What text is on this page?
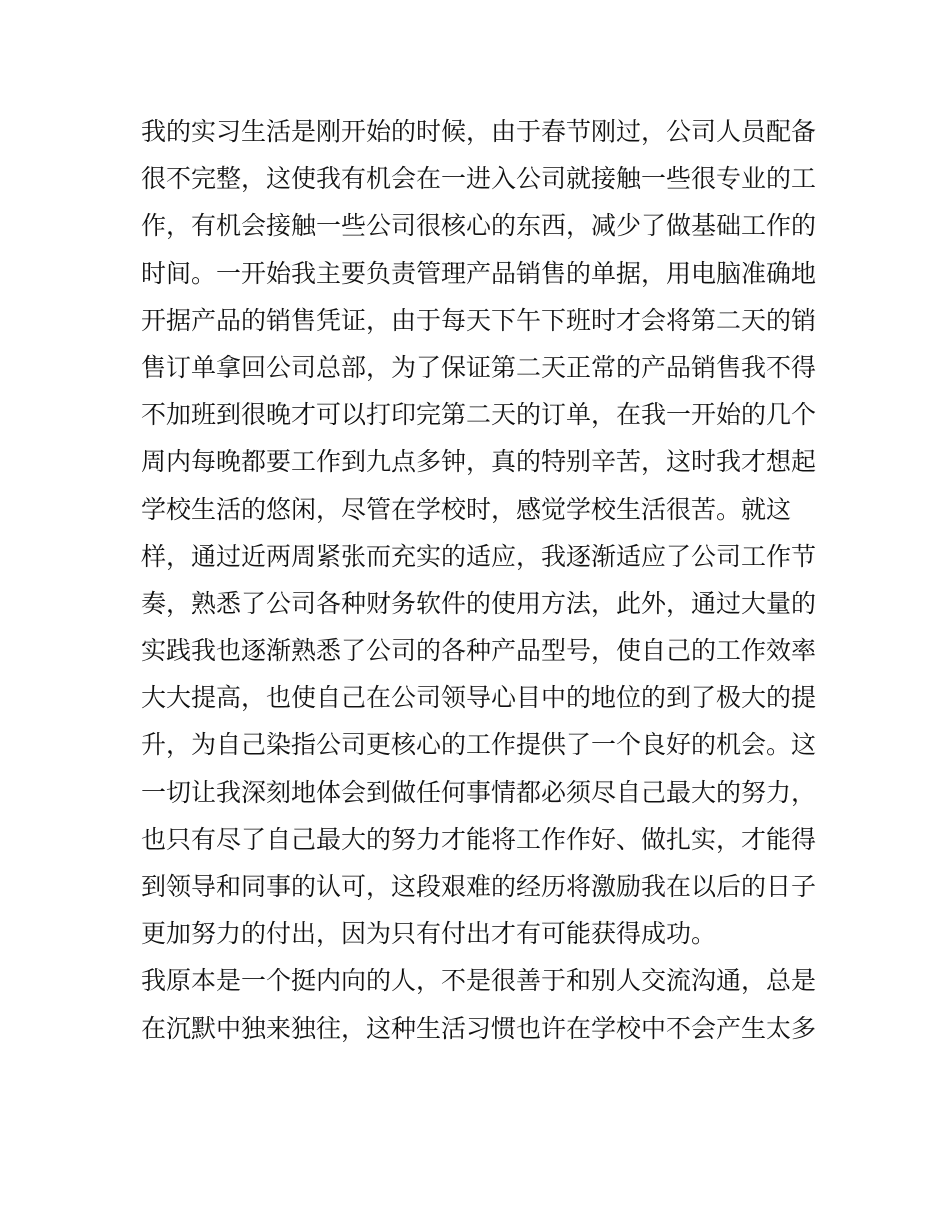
我的实习生活是刚开始的时候，由于春节刚过，公司人员配备
很不完整，这使我有机会在一进入公司就接触一些很专业的工
作，有机会接触一些公司很核心的东西，减少了做基础工作的
时间。一开始我主要负责管理产品销售的单据，用电脑准确地
开据产品的销售凭证，由于每天下午下班时才会将第二天的销
售订单拿回公司总部，为了保证第二天正常的产品销售我不得
不加班到很晚才可以打印完第二天的订单，在我一开始的几个
周内每晚都要工作到九点多钟，真的特别辛苦，这时我才想起
学校生活的悠闲，尽管在学校时，感觉学校生活很苦。就这
样，通过近两周紧张而充实的适应，我逐渐适应了公司工作节
奏，熟悉了公司各种财务软件的使用方法，此外，通过大量的
实践我也逐渐熟悉了公司的各种产品型号，使自己的工作效率
大大提高，也使自己在公司领导心目中的地位的到了极大的提
升，为自己染指公司更核心的工作提供了一个良好的机会。这
一切让我深刻地体会到做任何事情都必须尽自己最大的努力，
也只有尽了自己最大的努力才能将工作作好、做扎实，才能得
到领导和同事的认可，这段艰难的经历将激励我在以后的日子
更加努力的付出，因为只有付出才有可能获得成功。
我原本是一个挺内向的人，不是很善于和别人交流沟通，总是
在沉默中独来独往，这种生活习惯也许在学校中不会产生太多
